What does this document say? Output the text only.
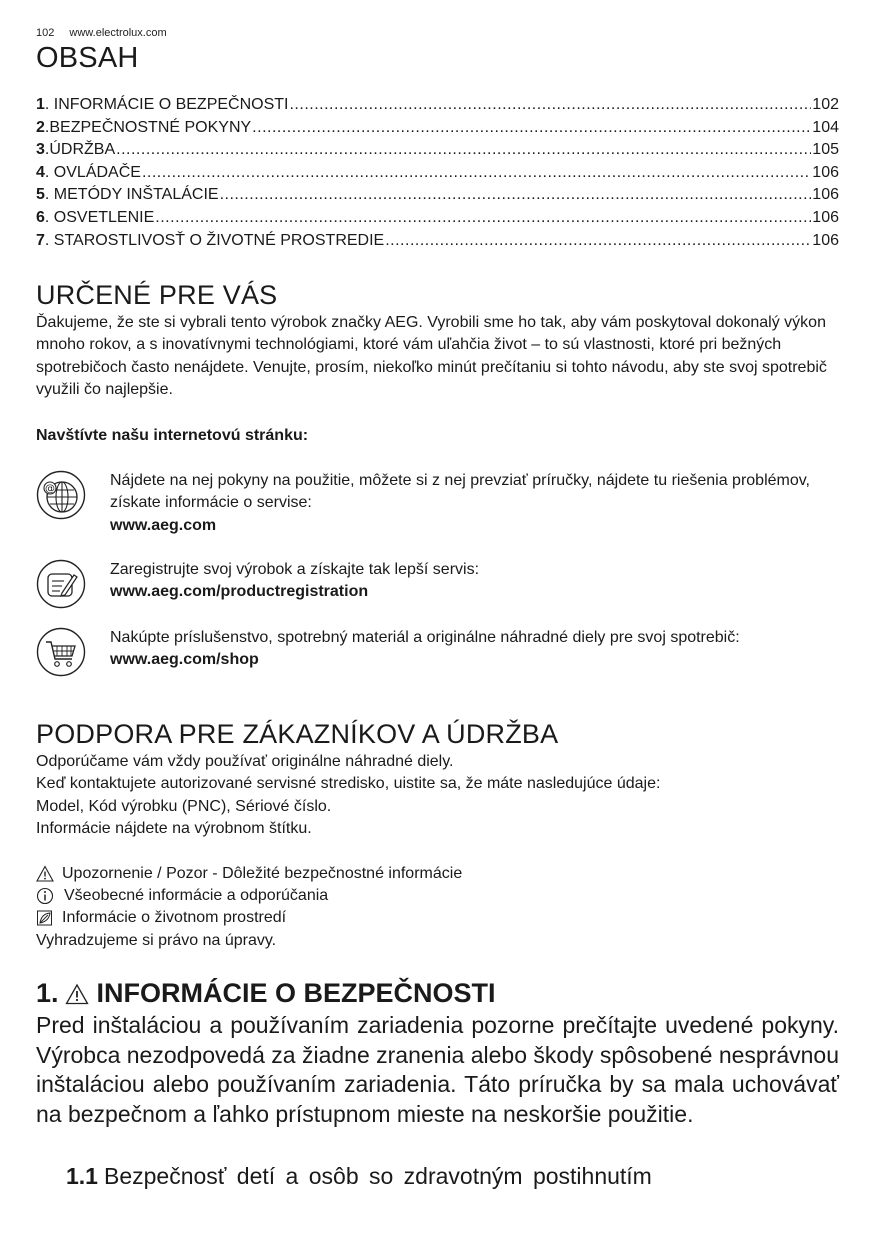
102 www.electrolux.com
OBSAH
1 . INFORMÁCIE O BEZPEČNOSTI .....	102
2 .BEZPEČNOSTNÉ POKYNY .....	104
3 .ÚDRŽBA .....	105
4 . OVLÁDAČE .....	106
5 . METÓDY INŠTALÁCIE .....	106
6 . OSVETLENIE .....	106
7 . STAROSTLIVOSŤ O ŽIVOTNÉ PROSTREDIE .....	106
URČENÉ PRE VÁS

Ďakujeme, že ste si vybrali tento výrobok značky AEG. Vyrobili sme ho tak, aby vám poskytoval dokonalý výkon mnoho rokov, a s inovatívnymi technológiami, ktoré vám uľahčia život – to sú vlastnosti, ktoré pri bežných spotrebičoch často nenájdete. Venujte, prosím, niekoľko minút prečítaniu si tohto návodu, aby ste svoj spotrebič využili čo najlepšie.

Navštívte našu internetovú stránku:

@	Nájdete na nej pokyny na použitie, môžete si z nej prevziať príručky, nájdete tu riešenia problémov, získate informácie o servise:
www.aeg.com
Zaregistrujte svoj výrobok a získajte tak lepší servis:
www.aeg.com/productregistration
Nakúpte príslušenstvo, spotrebný materiál a originálne náhradné diely pre svoj spotrebič:
www.aeg.com/shop
PODPORA PRE ZÁKAZNÍKOV A ÚDRŽBA

Odporúčame vám vždy používať originálne náhradné diely.

Keď kontaktujete autorizované servisné stredisko, uistite sa, že máte nasledujúce údaje:

Model, Kód výrobku (PNC), Sériové číslo.

Informácie nájdete na výrobnom štítku.

Upozornenie / Pozor - Dôležité bezpečnostné informácie
Všeobecné informácie a odporúčania
Informácie o životnom prostredí

Vyhradzujeme si právo na úpravy.

1. INFORMÁCIE O BEZPEČNOSTI

Pred inštaláciou a používaním zariadenia pozorne prečítajte uvedené pokyny. Výrobca nezodpovedá za žiadne zranenia alebo škody spôsobené nesprávnou inštaláciou alebo používaním zariadenia. Táto príručka by sa mala uchovávať na bezpečnom a ľahko prístupnom mieste na neskoršie použitie.

1.1 Bezpečnosť detí a osôb so zdravotným postihnutím
